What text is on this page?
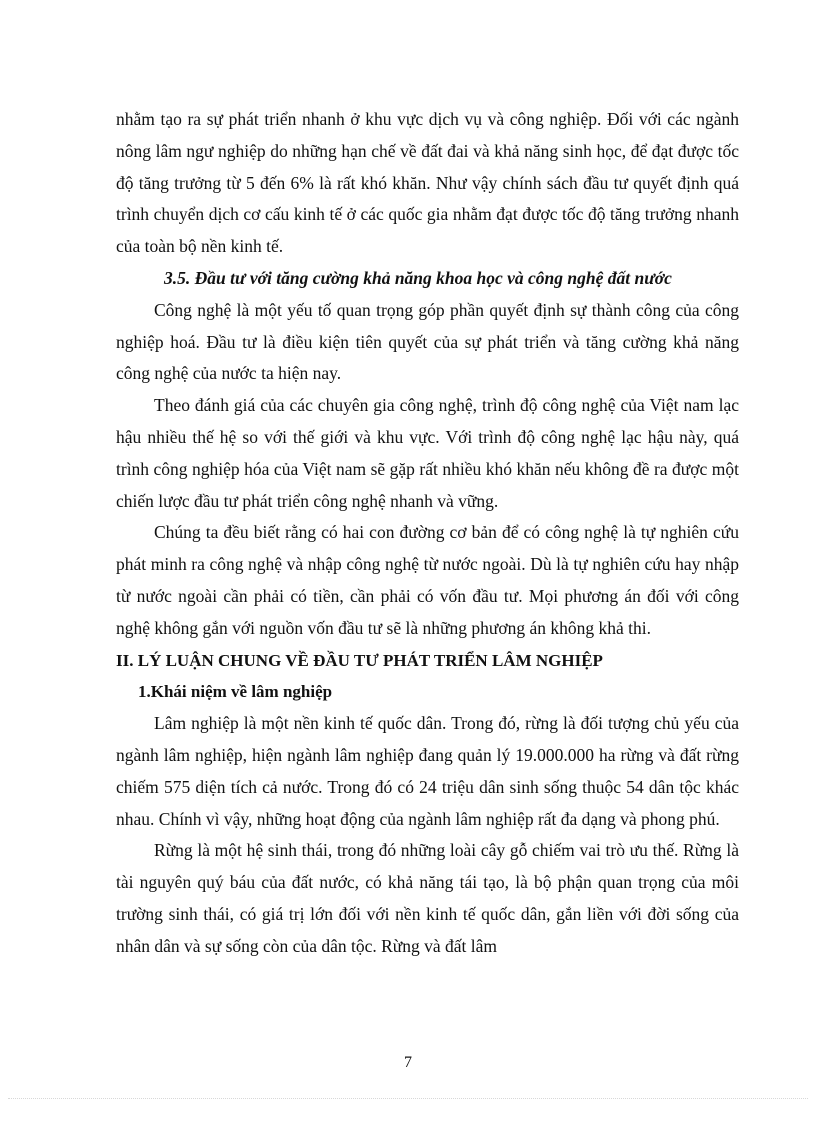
nhằm tạo ra sự phát triển nhanh ở khu vực dịch vụ và công nghiệp. Đối với các ngành nông lâm ngư nghiệp do những hạn chế về đất đai và khả năng sinh học, để đạt được tốc độ tăng trưởng từ 5 đến 6% là rất khó khăn. Như vậy chính sách đầu tư quyết định quá trình chuyển dịch cơ cấu kinh tế ở các quốc gia nhằm đạt được tốc độ tăng trưởng nhanh của toàn bộ nền kinh tế.

3.5. Đầu tư với tăng cường khả năng khoa học và công nghệ đất nước

Công nghệ là một yếu tố quan trọng góp phần quyết định sự thành công của công nghiệp hoá. Đầu tư là điều kiện tiên quyết của sự phát triển và tăng cường khả năng công nghệ của nước ta hiện nay.

Theo đánh giá của các chuyên gia công nghệ, trình độ công nghệ của Việt nam lạc hậu nhiều thế hệ so với thế giới và khu vực. Với trình độ công nghệ lạc hậu này, quá trình công nghiệp hóa của Việt nam sẽ gặp rất nhiều khó khăn nếu không đề ra được một chiến lược đầu tư phát triển công nghệ nhanh và vững.

Chúng ta đều biết rằng có hai con đường cơ bản để có công nghệ là tự nghiên cứu phát minh ra công nghệ và nhập công nghệ từ nước ngoài. Dù là tự nghiên cứu hay nhập từ nước ngoài cần phải có tiền, cần phải có vốn đầu tư. Mọi phương án đối với công nghệ không gắn với nguồn vốn đầu tư sẽ là những phương án không khả thi.

II. LÝ LUẬN CHUNG VỀ ĐẦU TƯ PHÁT TRIỂN LÂM NGHIỆP

1.Khái niệm về lâm nghiệp

Lâm nghiệp là một nền kinh tế quốc dân. Trong đó, rừng là đối tượng chủ yếu của ngành lâm nghiệp, hiện ngành lâm nghiệp đang quản lý 19.000.000 ha rừng và đất rừng chiếm 575 diện tích cả nước. Trong đó có 24 triệu dân sinh sống thuộc 54 dân tộc khác nhau. Chính vì vậy, những hoạt động của ngành lâm nghiệp rất đa dạng và phong phú.

Rừng là một hệ sinh thái, trong đó những loài cây gỗ chiếm vai trò ưu thế. Rừng là tài nguyên quý báu của đất nước, có khả năng tái tạo, là bộ phận quan trọng của môi trường sinh thái, có giá trị lớn đối với nền kinh tế quốc dân, gắn liền với đời sống của nhân dân và sự sống còn của dân tộc. Rừng và đất lâm

7
